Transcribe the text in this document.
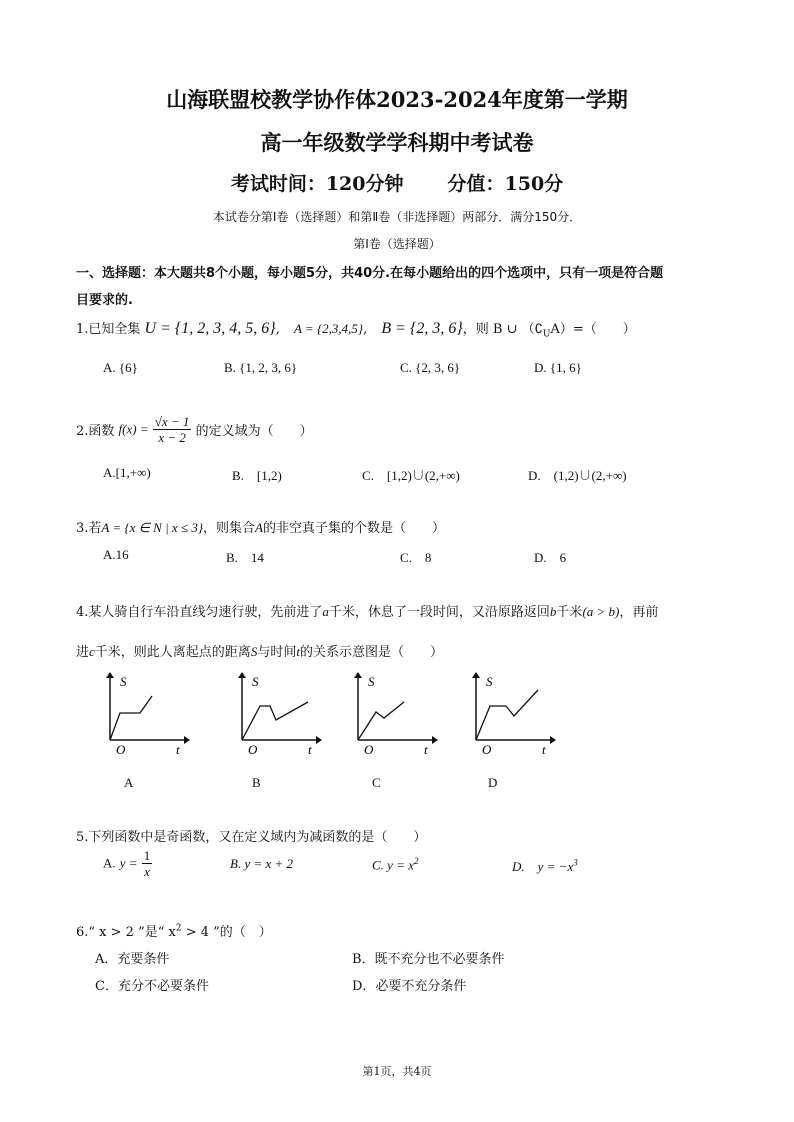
山海联盟校教学协作体2023-2024年度第一学期
高一年级数学学科期中考试卷
考试时间：120分钟 分值：150分
本试卷分第Ⅰ卷（选择题）和第Ⅱ卷（非选择题）两部分．满分150分．
第Ⅰ卷（选择题）
一、选择题：本大题共8个小题，每小题5分，共40分.在每小题给出的四个选项中，只有一项是符合题
目要求的.
1.已知全集 U = {1, 2, 3, 4, 5, 6}, A = {2,3,4,5}, B = {2, 3, 6}，则 B ∪ $(∁_UA)=$（　　）
A. {6}	B. {1, 2, 3, 6}	C. {2, 3, 6}	D. {1, 6}
2.函数 $f(x) = \frac{√x - 1}{x - 2}$ 的定义域为（　　）
A.[1,+∞)	B.　[1,2)	C.　[1,2)∪(2,+∞)	D.　(1,2)∪(2,+∞)
3.若A = {x ∈ N | x ≤ 3}，则集合A的非空真子集的个数是（　　）
A.16	B.　14	C.　8	D.　6
4.某人骑自行车沿直线匀速行驶，先前进了a千米，休息了一段时间，又沿原路返回b千米(a > b)，再前
进c千米，则此人离起点的距离S与时间t的关系示意图是（　　）
S
O	t
S
O	t
S
O	t
S
O	t
A	B	C	D
5.下列函数中是奇函数，又在定义域内为减函数的是（　　）
A. $y = \frac{1}{x}$	B. y = x + 2	C. $y = x^2$	D.　$y = -x^3$
6.“ x > 2 ”是“ $x^2 > 4$ ”的（　）
A．充要条件	B．既不充分也不必要条件
C．充分不必要条件	D．必要不充分条件
第1页，共4页
